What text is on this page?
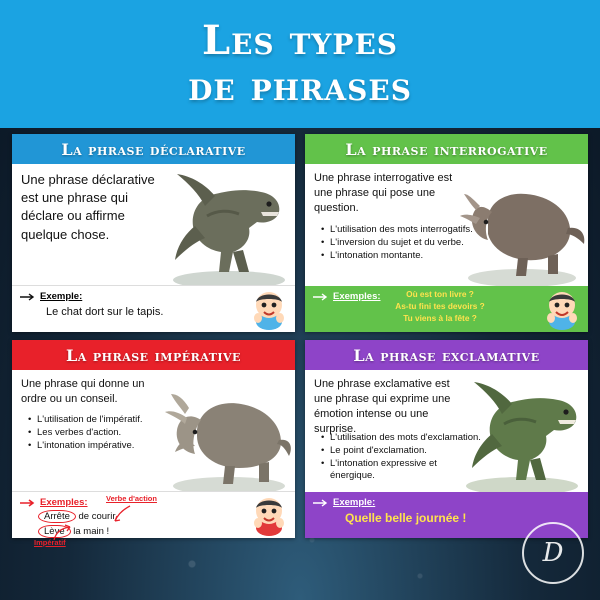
Les types
de phrases
La phrase déclarative
Une phrase déclarative est une phrase qui déclare ou affirme quelque chose.
Exemple:
Le chat dort sur le tapis.
La phrase interrogative
Une phrase interrogative est une phrase qui pose une question.
• L'utilisation des mots interrogatifs.
• L'inversion du sujet et du verbe.
• L'intonation montante.
Exemples:	Où est ton livre ?
As-tu fini tes devoirs ?
Tu viens à la fête ?
La phrase impérative
Une phrase qui donne un ordre ou un conseil.
• L'utilisation de l'impératif.
• Les verbes d'action.
• L'intonation impérative.
Exemples:
Arrête de courir.
Lève la main !
Impératif
Verbe d'action
La phrase exclamative
Une phrase exclamative est une phrase qui exprime une émotion intense ou une surprise.
• L'utilisation des mots d'exclamation.
• Le point d'exclamation.
• L'intonation expressive et énergique.
Exemple:
Quelle belle journée !
D
